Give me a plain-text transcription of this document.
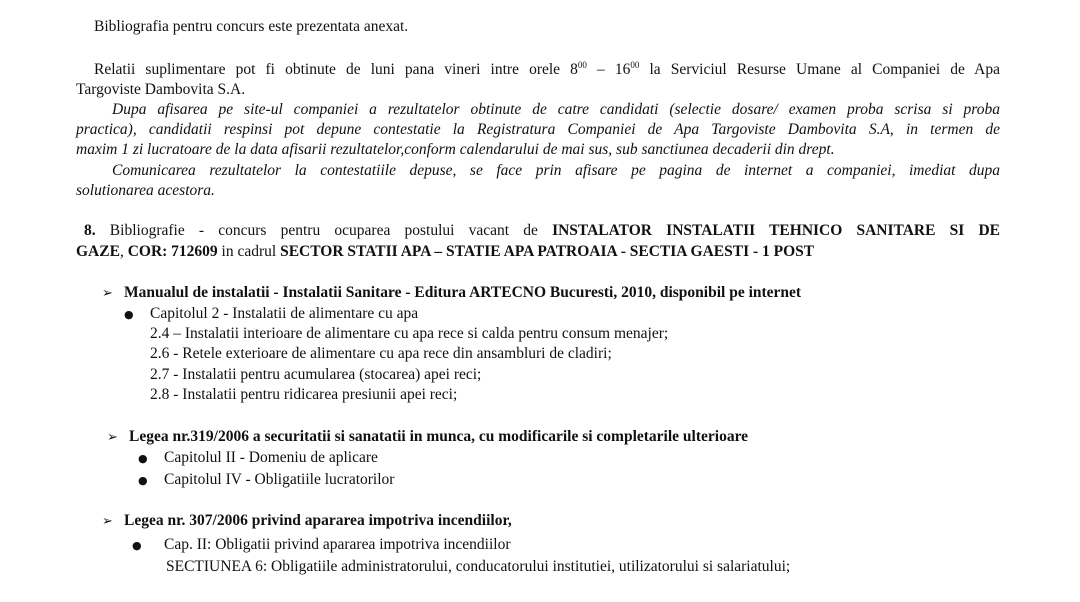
Bibliografia pentru concurs este prezentata anexat.
Relatii suplimentare pot fi obtinute de luni pana vineri intre orele $8^{00} - 16^{00}$ la Serviciul Resurse Umane al Companiei de Apa
Targoviste Dambovita S.A.
Dupa afisarea pe site-ul companiei a rezultatelor obtinute de catre candidati (selectie dosare/ examen proba scrisa si proba
practica), candidatii respinsi pot depune contestatie la Registratura Companiei de Apa Targoviste Dambovita S.A, in termen de
maxim 1 zi lucratoare de la data afisarii rezultatelor,conform calendarului de mai sus, sub sanctiunea decaderii din drept.
Comunicarea rezultatelor la contestatiile depuse, se face prin afisare pe pagina de internet a companiei, imediat dupa
solutionarea acestora.
8. Bibliografie - concurs pentru ocuparea postului vacant de INSTALATOR INSTALATII TEHNICO SANITARE SI DE
GAZE, COR: 712609 in cadrul SECTOR STATII APA – STATIE APA PATROAIA - SECTIA GAESTI - 1 POST
➢ Manualul de instalatii - Instalatii Sanitare - Editura ARTECNO Bucuresti, 2010, disponibil pe internet
● Capitolul 2 - Instalatii de alimentare cu apa
2.4 – Instalatii interioare de alimentare cu apa rece si calda pentru consum menajer;
2.6 - Retele exterioare de alimentare cu apa rece din ansambluri de cladiri;
2.7 - Instalatii pentru acumularea (stocarea) apei reci;
2.8 - Instalatii pentru ridicarea presiunii apei reci;
➢ Legea nr.319/2006 a securitatii si sanatatii in munca, cu modificarile si completarile ulterioare
● Capitolul II - Domeniu de aplicare
● Capitolul IV - Obligatiile lucratorilor
➢ Legea nr. 307/2006 privind apararea impotriva incendiilor,
● Cap. II: Obligatii privind apararea impotriva incendiilor
SECTIUNEA 6: Obligatiile administratorului, conducatorului institutiei, utilizatorului si salariatului;
